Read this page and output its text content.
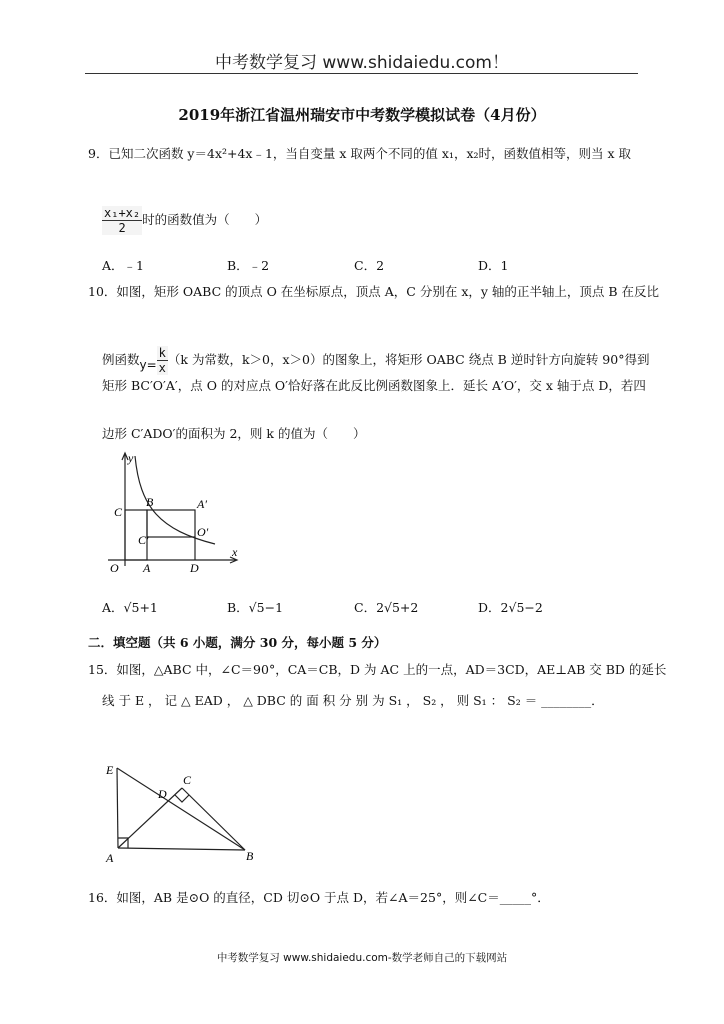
中考数学复习 www.shidaiedu.com！
2019年浙江省温州瑞安市中考数学模拟试卷（4月份）
9．已知二次函数 y＝4x²+4x﹣1，当自变量 x 取两个不同的值 x₁，x₂时，函数值相等，则当 x 取
$\frac{\text{x₁+x₂}}{2}$ 时的函数值为（　　）
A．﹣1	B．﹣2	C．2	D．1
10．如图，矩形 OABC 的顶点 O 在坐标原点，顶点 A，C 分别在 x，y 轴的正半轴上，顶点 B 在反比
例函数$y= \frac{k}{x} (k$ 为常数，k＞0，x＞0）的图象上，将矩形 OABC 绕点 B 逆时针方向旋转 90°得到
矩形 BC′O′A′，点 O 的对应点 O′恰好落在此反比例函数图象上．延长 A′O′，交 x 轴于点 D，若四
边形 C′ADO′的面积为 2，则 k 的值为（　　）
y
x
C
B	A′
O′
C′
O A	D
A．√5+1	B．√5−1	C．2√5+2	D．2√5−2
二．填空题（共 6 小题，满分 30 分，每小题 5 分）
15．如图，△ABC 中，∠C＝90°，CA＝CB，D 为 AC 上的一点，AD＝3CD，AE⊥AB 交 BD 的延长
线 于 E ， 记 △ EAD ， △ DBC 的 面 积 分 别 为 S₁ ， S₂ ， 则 S₁ ： S₂ ＝ ________．
E
C
D
A	B
16．如图，AB 是⊙O 的直径，CD 切⊙O 于点 D，若∠A＝25°，则∠C＝_____°．
中考数学复习 www.shidaiedu.com-数学老师自己的下载网站
